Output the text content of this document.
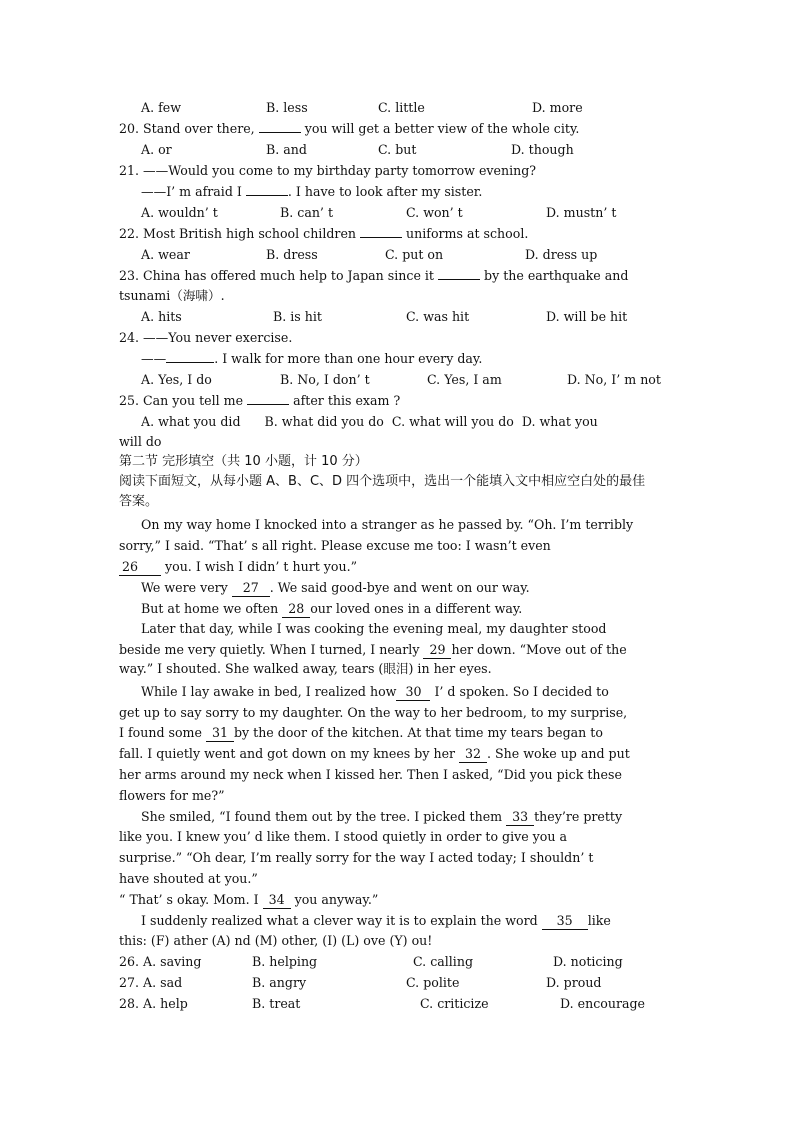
A. few	B. less	C. little	D. more
20. Stand over there,	you will get a better view of the whole city.
A. or	B. and	C. but	D. though
21. ——Would you come to my birthday party tomorrow evening?
——I’ m afraid I	. I have to look after my sister.
A. wouldn’ t	B. can’ t	C. won’ t	D. mustn’ t
22. Most British high school children	uniforms at school.
A. wear	B. dress	C. put on	D. dress up
23. China has offered much help to Japan since it	by the earthquake and
tsunami（海啸）.
A. hits	B. is hit	C. was hit	D. will be hit
24. ——You never exercise.
——	. I walk for more than one hour every day.
A. Yes, I do	B. No, I don’ t	C. Yes, I am	D. No, I’ m not
25. Can you tell me	after this exam ?
A. what you did      B. what did you do  C. what will you do  D. what you
will do
第二节 完形填空（共 10 小题，计 10 分）
阅读下面短文，从每小题 A、B、C、D 四个选项中，选出一个能填入文中相应空白处的最佳
答案。
On my way home I knocked into a stranger as he passed by. “Oh. I’m terribly
sorry,” I said. “That’ s all right. Please excuse me too: I wasn’t even
26 you. I wish I didn’ t hurt you.”
We were very 27 . We said good-bye and went on our way.
But at home we often 28 our loved ones in a different way.
Later that day, while I was cooking the evening meal, my daughter stood
beside me very quietly. When I turned, I nearly 29 her down. “Move out of the
way.” I shouted. She walked away, tears (眼泪) in her eyes.
While I lay awake in bed, I realized how 30 I’ d spoken. So I decided to
get up to say sorry to my daughter. On the way to her bedroom, to my surprise,
I found some 31 by the door of the kitchen. At that time my tears began to
fall. I quietly went and got down on my knees by her 32 . She woke up and put
her arms around my neck when I kissed her. Then I asked, “Did you pick these
flowers for me?”
She smiled, “I found them out by the tree. I picked them 33 they’re pretty
like you. I knew you’ d like them. I stood quietly in order to give you a
surprise.” “Oh dear, I’m really sorry for the way I acted today; I shouldn’ t
have shouted at you.”
“ That’ s okay. Mom. I 34 you anyway.”
I suddenly realized what a clever way it is to explain the word 35 like
this: (F) ather (A) nd (M) other, (I) (L) ove (Y) ou!
26. A. saving	B. helping	C. calling	D. noticing
27. A. sad	B. angry	C. polite	D. proud
28. A. help	B. treat	C. criticize	D. encourage
